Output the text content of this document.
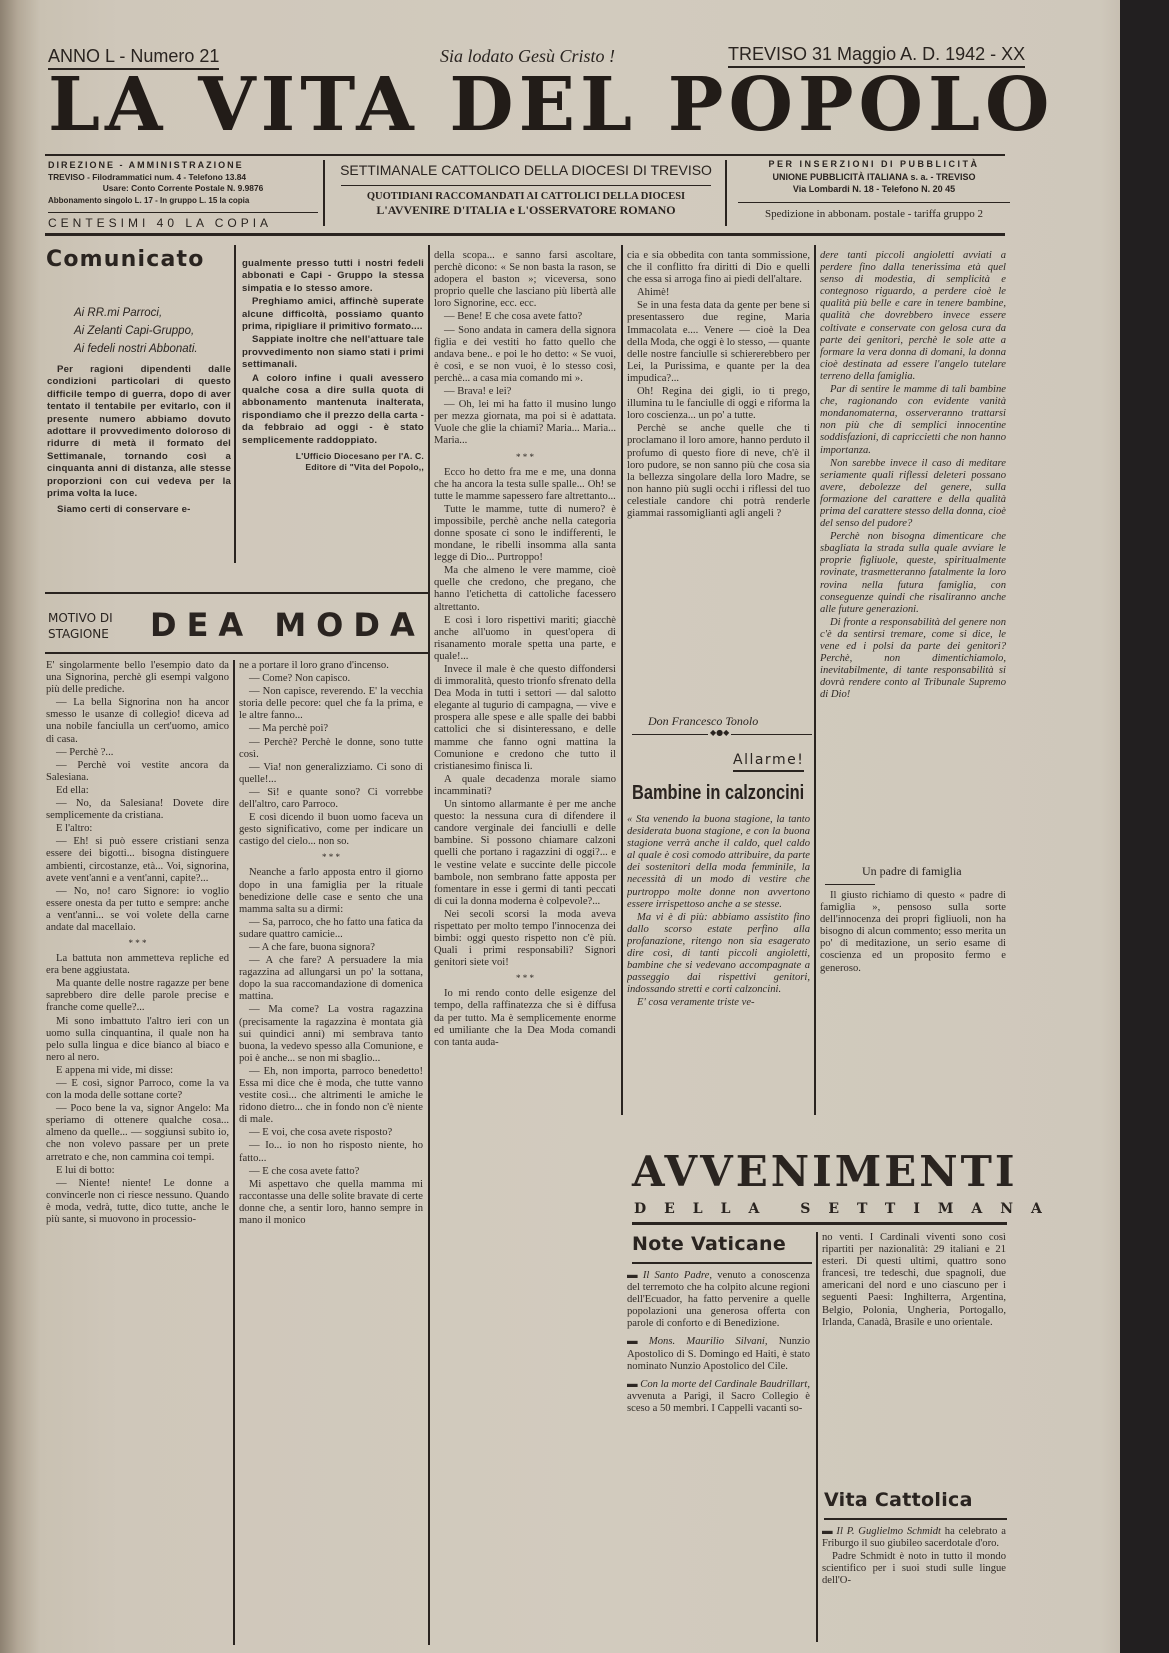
ANNO L - Numero 21	Sia lodato Gesù Cristo !	TREVISO 31 Maggio A. D. 1942 - XX
LA VITA DEL POPOLO
DIREZIONE - AMMINISTRAZIONE
TREVISO - Filodrammatici num. 4 - Telefono 13.84
Usare: Conto Corrente Postale N. 9.9876
Abbonamento singolo L. 17 - In gruppo L. 15 la copia
CENTESIMI 40 LA COPIA
SETTIMANALE CATTOLICO DELLA DIOCESI DI TREVISO
QUOTIDIANI RACCOMANDATI AI CATTOLICI DELLA DIOCESI
L'AVVENIRE D'ITALIA e L'OSSERVATORE ROMANO
PER INSERZIONI DI PUBBLICITÀ
UNIONE PUBBLICITÀ ITALIANA s. a. - TREVISO
Via Lombardi N. 18 - Telefono N. 20 45
Spedizione in abbonam. postale - tariffa gruppo 2
Comunicato
Ai RR.mi Parroci,
Ai Zelanti Capi-Gruppo,
Ai fedeli nostri Abbonati.

Per ragioni dipendenti dalle condizioni particolari di questo difficile tempo di guerra, dopo di aver tentato il tentabile per evitarlo, con il presente numero abbiamo dovuto adottare il provvedimento doloroso di ridurre di metà il formato del Settimanale, tornando così a cinquanta anni di distanza, alle stesse proporzioni con cui vedeva per la prima volta la luce.

Siamo certi di conservare e-

gualmente presso tutti i nostri fedeli abbonati e Capi - Gruppo la stessa simpatia e lo stesso amore.

Preghiamo amici, affinchè superate alcune difficoltà, possiamo quanto prima, ripigliare il primitivo formato....

Sappiate inoltre che nell'attuare tale provvedimento non siamo stati i primi settimanali.

A coloro infine i quali avessero qualche cosa a dire sulla quota di abbonamento mantenuta inalterata, rispondiamo che il prezzo della carta - da febbraio ad oggi - è stato semplicemente raddoppiato.

L'Ufficio Diocesano per l'A. C.
Editore di "Vita del Popolo,,
MOTIVO DI
STAGIONE DEA MODA

E' singolarmente bello l'esempio dato da una Signorina, perchè gli esempi valgono più delle prediche.

— La bella Signorina non ha ancor smesso le usanze di collegio! diceva ad una nobile fanciulla un cert'uomo, amico di casa.

— Perchè ?...

— Perchè voi vestite ancora da Salesiana.

Ed ella:

— No, da Salesiana! Dovete dire semplicemente da cristiana.

E l'altro:

— Eh! si può essere cristiani senza essere dei bigotti... bisogna distinguere ambienti, circostanze, età... Voi, signorina, avete vent'anni e a vent'anni, capite?...

— No, no! caro Signore: io voglio essere onesta da per tutto e sempre: anche a vent'anni... se voi volete della carne andate dal macellaio.

* * *

La battuta non ammetteva repliche ed era bene aggiustata.

Ma quante delle nostre ragazze per bene saprebbero dire delle parole precise e franche come quelle?...

Mi sono imbattuto l'altro ieri con un uomo sulla cinquantina, il quale non ha pelo sulla lingua e dice bianco al biaco e nero al nero.

E appena mi vide, mi disse:

— E così, signor Parroco, come la va con la moda delle sottane corte?

— Poco bene la va, signor Angelo: Ma speriamo di ottenere qualche cosa... almeno da quelle... — soggiunsi subito io, che non volevo passare per un prete arretrato e che, non cammina coi tempi.

E lui di botto:

— Niente! niente! Le donne a convincerle non ci riesce nessuno. Quando è moda, vedrà, tutte, dico tutte, anche le più sante, si muovono in processio-

ne a portare il loro grano d'incenso.

— Come? Non capisco.

— Non capisce, reverendo. E' la vecchia storia delle pecore: quel che fa la prima, e le altre fanno...

— Ma perchè poi?

— Perchè? Perchè le donne, sono tutte così.

— Via! non generalizziamo. Ci sono di quelle!...

— Sì! e quante sono? Ci vorrebbe dell'altro, caro Parroco.

E così dicendo il buon uomo faceva un gesto significativo, come per indicare un castigo del cielo... non so.

* * *

Neanche a farlo apposta entro il giorno dopo in una famiglia per la rituale benedizione delle case e sento che una mamma salta su a dirmi:

— Sa, parroco, che ho fatto una fatica da sudare quattro camicie...

— A che fare, buona signora?

— A che fare? A persuadere la mia ragazzina ad allungarsi un po' la sottana, dopo la sua raccomandazione di domenica mattina.

— Ma come? La vostra ragazzina (precisamente la ragazzina è montata già sui quindici anni) mi sembrava tanto buona, la vedevo spesso alla Comunione, e poi è anche... se non mi sbaglio...

— Eh, non importa, parroco benedetto! Essa mi dice che è moda, che tutte vanno vestite così... che altrimenti le amiche le ridono dietro... che in fondo non c'è niente di male.

— E voi, che cosa avete risposto?

— Io... io non ho risposto niente, ho fatto...

— E che cosa avete fatto?

Mi aspettavo che quella mamma mi raccontasse una delle solite bravate di certe donne che, a sentir loro, hanno sempre in mano il monico

della scopa... e sanno farsi ascoltare, perchè dicono: « Se non basta la rason, se adopera el baston »; viceversa, sono proprio quelle che lasciano più libertà alle loro Signorine, ecc. ecc.

— Bene! E che cosa avete fatto?

— Sono andata in camera della signora figlia e dei vestiti ho fatto quello che andava bene.. e poi le ho detto: « Se vuoi, è così, e se non vuoi, è lo stesso così, perchè... a casa mia comando mi ».

— Brava! e lei?

— Oh, lei mi ha fatto il musino lungo per mezza giornata, ma poi si è adattata. Vuole che glie la chiami? Maria... Maria... Maria...

* * *

Ecco ho detto fra me e me, una donna che ha ancora la testa sulle spalle... Oh! se tutte le mamme sapessero fare altrettanto...

Tutte le mamme, tutte di numero? è impossibile, perchè anche nella categoria donne sposate ci sono le indifferenti, le mondane, le ribelli insomma alla santa legge di Dio... Purtroppo!

Ma che almeno le vere mamme, cioè quelle che credono, che pregano, che hanno l'etichetta di cattoliche facessero altrettanto.

E così i loro rispettivi mariti; giacchè anche all'uomo in quest'opera di risanamento morale spetta una parte, e quale!...

Invece il male è che questo diffondersi di immoralità, questo trionfo sfrenato della Dea Moda in tutti i settori — dal salotto elegante al tugurio di campagna, — vive e prospera alle spese e alle spalle dei babbi cattolici che si disinteressano, e delle mamme che fanno ogni mattina la Comunione e credono che tutto il cristianesimo finisca lì.

A quale decadenza morale siamo incamminati?

Un sintomo allarmante è per me anche questo: la nessuna cura di difendere il candore verginale dei fanciulli e delle bambine. Si possono chiamare calzoni quelli che portano i ragazzini di oggi?... e le vestine velate e succinte delle piccole bambole, non sembrano fatte apposta per fomentare in esse i germi di tanti peccati di cui la donna moderna è colpevole?...

Nei secoli scorsi la moda aveva rispettato per molto tempo l'innocenza dei bimbi: oggi questo rispetto non c'è più. Quali i primi responsabili? Signori genitori siete voi!

* * *

Io mi rendo conto delle esigenze del tempo, della raffinatezza che si è diffusa da per tutto. Ma è semplicemente enorme ed umiliante che la Dea Moda comandi con tanta auda-

cia e sia obbedita con tanta sommissione, che il conflitto fra diritti di Dio e quelli che essa si arroga fino ai piedi dell'altare.

Ahimè!

Se in una festa data da gente per bene si presentassero due regine, Maria Immacolata e.... Venere — cioè la Dea della Moda, che oggi è lo stesso, — quante delle nostre fanciulle si schiererebbero per Lei, la Purissima, e quante per la dea impudica?...

Oh! Regina dei gigli, io ti prego, illumina tu le fanciulle di oggi e riforma la loro coscienza... un po' a tutte.

Perchè se anche quelle che ti proclamano il loro amore, hanno perduto il profumo di questo fiore di neve, ch'è il loro pudore, se non sanno più che cosa sia la bellezza singolare della loro Madre, se non hanno più sugli occhi i riflessi del tuo celestiale candore chi potrà renderle giammai rassomiglianti agli angeli ?

Don Francesco Tonolo
◆●◆
Allarme!
Bambine in calzoncini

« Sta venendo la buona stagione, la tanto desiderata buona stagione, e con la buona stagione verrà anche il caldo, quel caldo al quale è così comodo attribuire, da parte dei sostenitori della moda femminile, la necessità di un modo di vestire che purtroppo molte donne non avvertono essere irrispettoso anche a se stesse.

Ma vi è di più: abbiamo assistito fino dallo scorso estate perfino alla profanazione, ritengo non sia esagerato dire così, di tanti piccoli angioletti, bambine che si vedevano accompagnate a passeggio dai rispettivi genitori, indossando stretti e corti calzoncini.

E' cosa veramente triste ve-

dere tanti piccoli angioletti avviati a perdere fino dalla tenerissima età quel senso di modestia, di semplicità e contegnoso riguardo, a perdere cioè le qualità più belle e care in tenere bambine, qualità che dovrebbero invece essere coltivate e conservate con gelosa cura da parte dei genitori, perchè le sole atte a formare la vera donna di domani, la donna cioè destinata ad essere l'angelo tutelare terreno della famiglia.

Par di sentire le mamme di tali bambine che, ragionando con evidente vanità mondanomaterna, osserveranno trattarsi non più che di semplici innocentine soddisfazioni, di capriccietti che non hanno importanza.

Non sarebbe invece il caso di meditare seriamente quali riflessi deleteri possano avere, debolezze del genere, sulla formazione del carattere e della qualità prima del carattere stesso della donna, cioè del senso del pudore?

Perchè non bisogna dimenticare che sbagliata la strada sulla quale avviare le proprie figliuole, queste, spiritualmente rovinate, trasmetteranno fatalmente la loro rovina nella futura famiglia, con conseguenze quindi che risaliranno anche alle future generazioni.

Di fronte a responsabilità del genere non c'è da sentirsi tremare, come si dice, le vene ed i polsi da parte dei genitori? Perchè, non dimentichiamolo, inevitabilmente, di tante responsabilità si dovrà rendere conto al Tribunale Supremo di Dio!

Un padre di famiglia

Il giusto richiamo di questo « padre di famiglia », pensoso sulla sorte dell'innocenza dei propri figliuoli, non ha bisogno di alcun commento; esso merita un po' di meditazione, un serio esame di coscienza ed un proposito fermo e generoso.

AVVENIMENTI
DELLA SETTIMANA
Note Vaticane

▬ Il Santo Padre, venuto a conoscenza del terremoto che ha colpito alcune regioni dell'Ecuador, ha fatto pervenire a quelle popolazioni una generosa offerta con parole di conforto e di Benedizione.

▬ Mons. Maurilio Silvani, Nunzio Apostolico di S. Domingo ed Haiti, è stato nominato Nunzio Apostolico del Cile.

▬ Con la morte del Cardinale Baudrillart, avvenuta a Parigi, il Sacro Collegio è sceso a 50 membri. I Cappelli vacanti so-

no venti. I Cardinali viventi sono così ripartiti per nazionalità: 29 italiani e 21 esteri. Di questi ultimi, quattro sono francesi, tre tedeschi, due spagnoli, due americani del nord e uno ciascuno per i seguenti Paesi: Inghilterra, Argentina, Belgio, Polonia, Ungheria, Portogallo, Irlanda, Canadà, Brasile e uno orientale.

Vita Cattolica

▬ Il P. Guglielmo Schmidt ha celebrato a Friburgo il suo giubileo sacerdotale d'oro.

Padre Schmidt è noto in tutto il mondo scientifico per i suoi studi sulle lingue dell'O-
